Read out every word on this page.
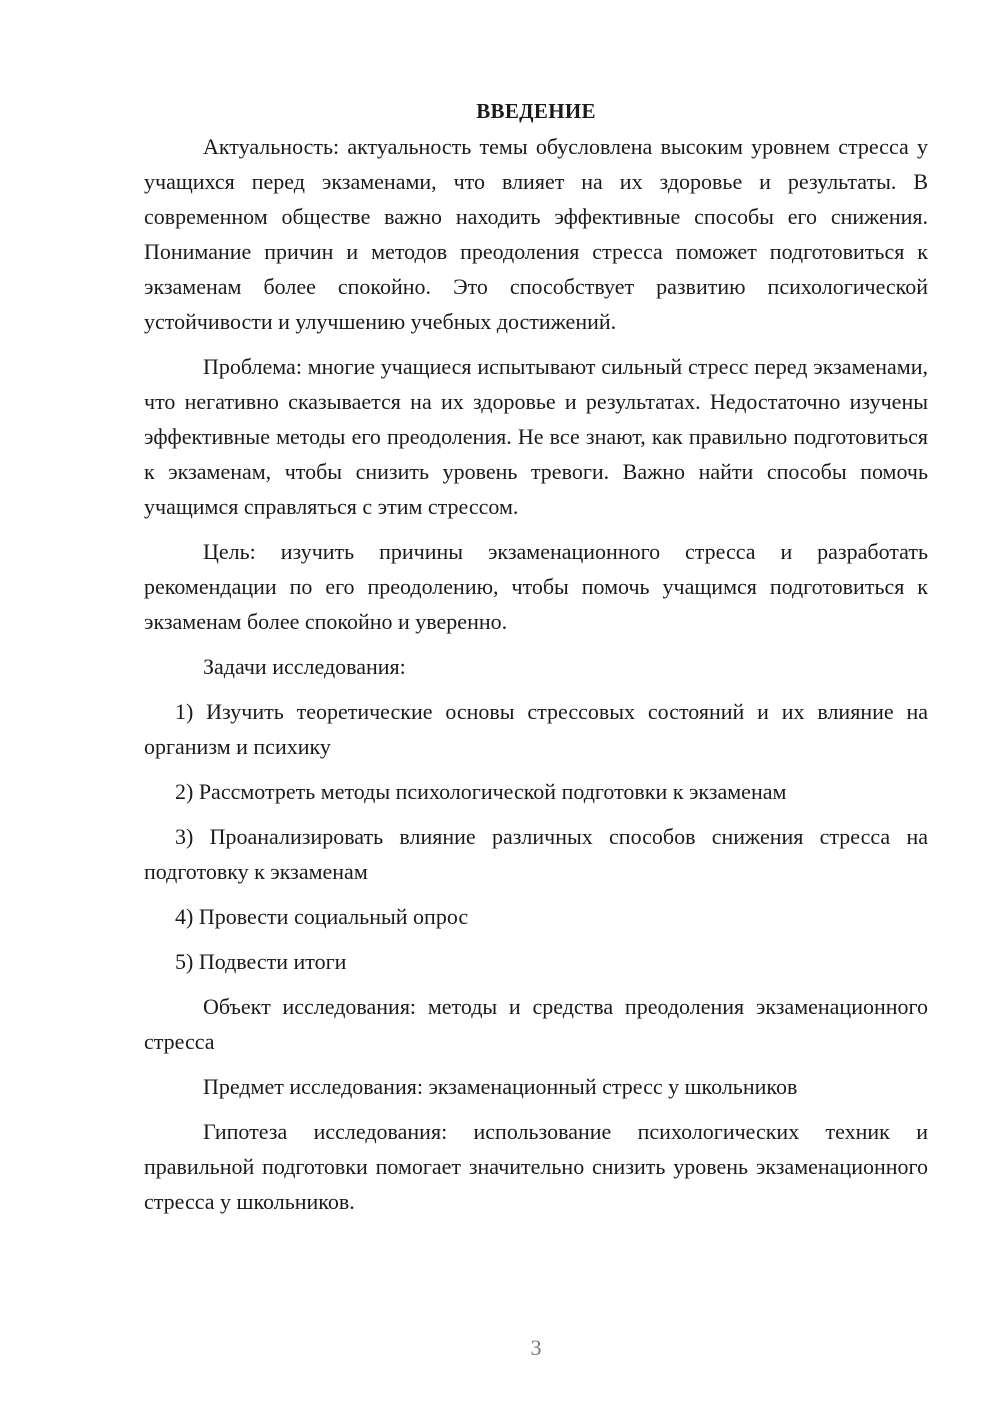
ВВЕДЕНИЕ

Актуальность: актуальность темы обусловлена высоким уровнем стресса у учащихся перед экзаменами, что влияет на их здоровье и результаты. В современном обществе важно находить эффективные способы его снижения. Понимание причин и методов преодоления стресса поможет подготовиться к экзаменам более спокойно. Это способствует развитию психологической устойчивости и улучшению учебных достижений.

Проблема: многие учащиеся испытывают сильный стресс перед экзаменами, что негативно сказывается на их здоровье и результатах. Недостаточно изучены эффективные методы его преодоления. Не все знают, как правильно подготовиться к экзаменам, чтобы снизить уровень тревоги. Важно найти способы помочь учащимся справляться с этим стрессом.

Цель: изучить причины экзаменационного стресса и разработать рекомендации по его преодолению, чтобы помочь учащимся подготовиться к экзаменам более спокойно и уверенно.

Задачи исследования:

1) Изучить теоретические основы стрессовых состояний и их влияние на организм и психику

2) Рассмотреть методы психологической подготовки к экзаменам

3) Проанализировать влияние различных способов снижения стресса на подготовку к экзаменам

4) Провести социальный опрос

5) Подвести итоги

Объект исследования: методы и средства преодоления экзаменационного стресса

Предмет исследования: экзаменационный стресс у школьников

Гипотеза исследования: использование психологических техник и правильной подготовки помогает значительно снизить уровень экзаменационного стресса у школьников.

3
